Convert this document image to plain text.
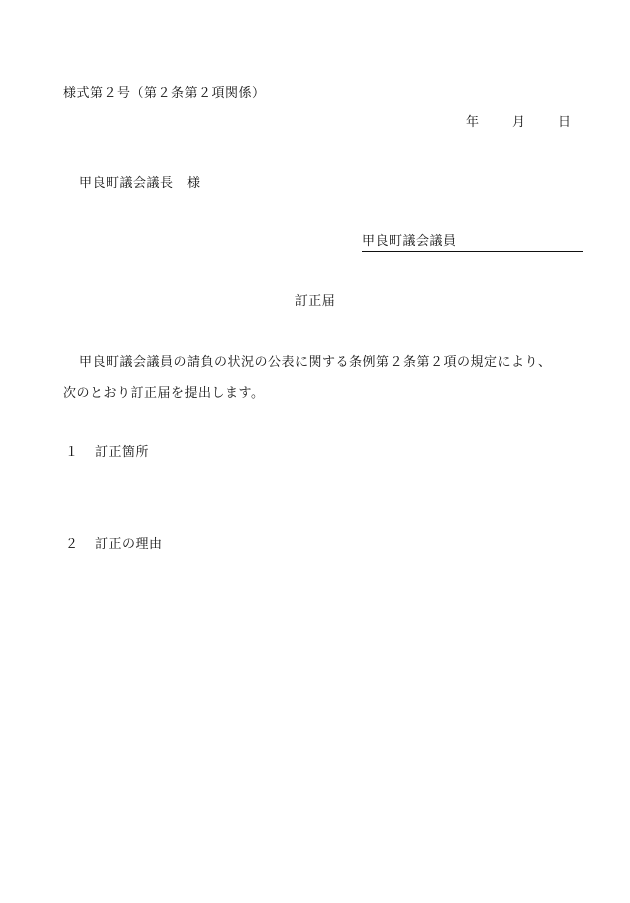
様式第２号（第２条第２項関係）
年 月 日
甲良町議会議長　様
甲良町議会議員
訂正届
甲良町議会議員の請負の状況の公表に関する条例第２条第２項の規定により、
次のとおり訂正届を提出します。
１ 訂正箇所
２ 訂正の理由
